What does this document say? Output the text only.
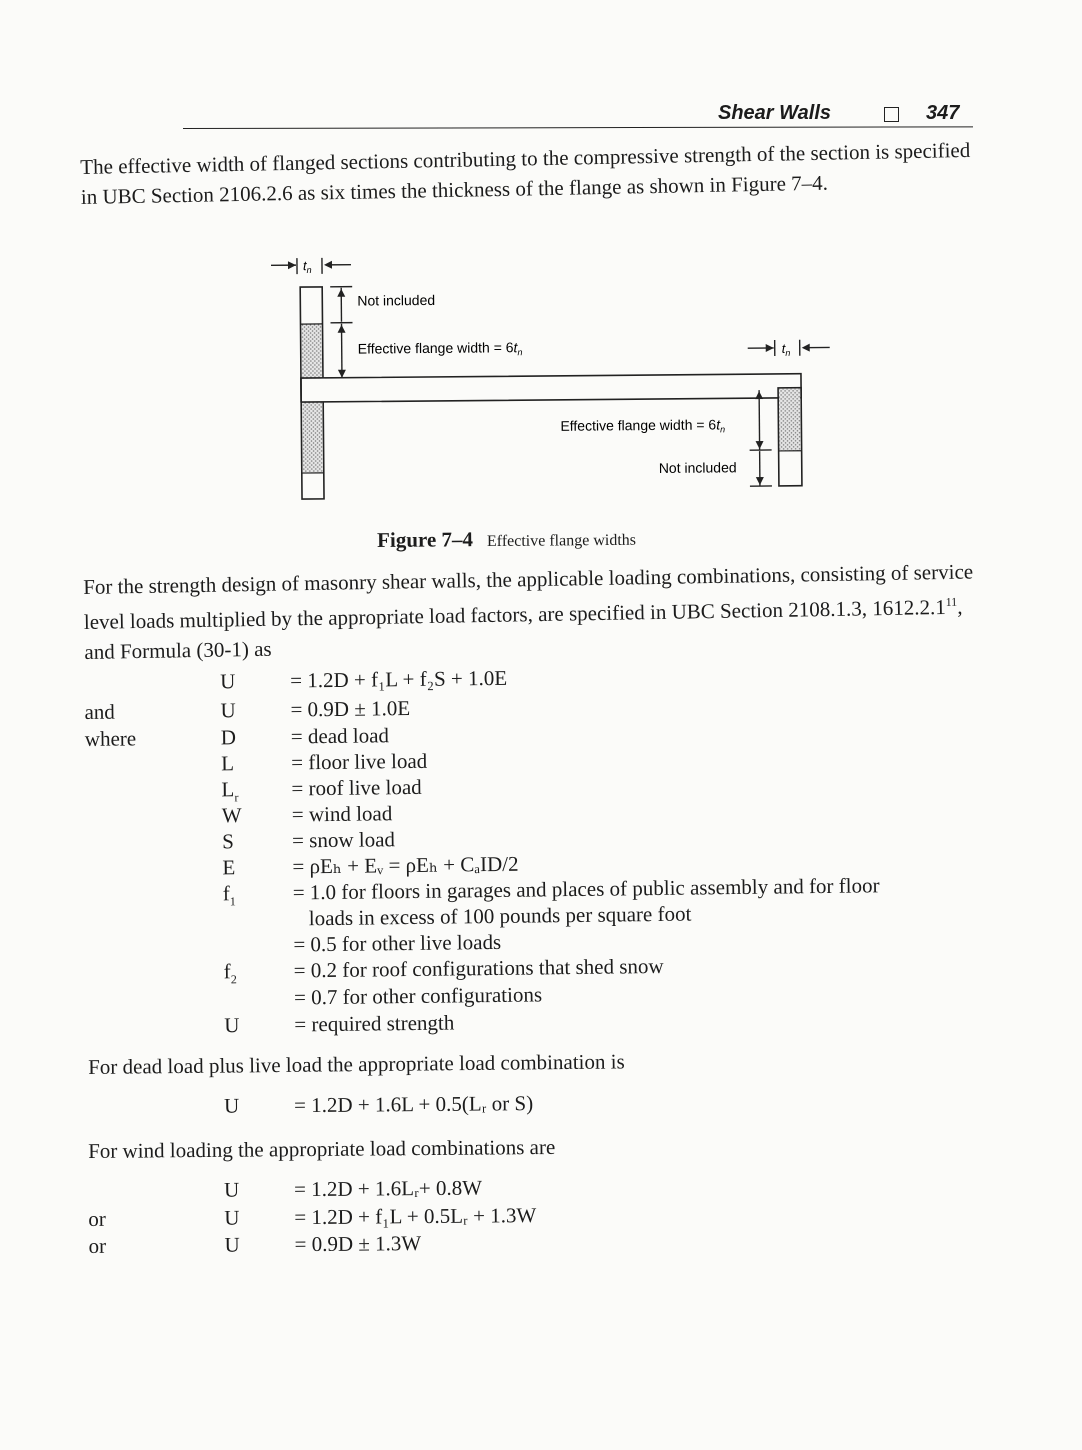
Shear Walls	347

The effective width of flanged sections contributing to the compressive strength of the section is specified in UBC Section 2106.2.6 as six times the thickness of the flange as shown in Figure 7–4.

$t_n$
Not included
Effective flange width = $6t_n$	$t_n$
Effective flange width = $6t_n$
Not included
Figure 7–4 Effective flange widths

For the strength design of masonry shear walls, the applicable loading combinations, consisting of service level loads multiplied by the appropriate load factors, are specified in UBC Section 2108.1.3, 1612.2.1$^{11}$, and Formula (30-1) as

U	= 1.2D + f₁L + f₂S + 1.0E
and	U	= 0.9D ± 1.0E
where	D	= dead load
L	= floor live load
$L_r$	= roof live load
W = wind load
S	= snow load
E	= ρEₕ + Eᵥ = ρEₕ + CₐID/2
$f_1$	= 1.0 for floors in garages and places of public assembly and for floor
loads in excess of 100 pounds per square foot
= 0.5 for other live loads
$f_2$	= 0.2 for roof configurations that shed snow
= 0.7 for other configurations
U	= required strength

For dead load plus live load the appropriate load combination is

U	= 1.2D + 1.6L + 0.5(Lᵣ or S)

For wind loading the appropriate load combinations are

U	= 1.2D + 1.6Lᵣ+ 0.8W
or	U	= 1.2D + f₁L + 0.5Lᵣ + 1.3W
or	U	= 0.9D ± 1.3W
